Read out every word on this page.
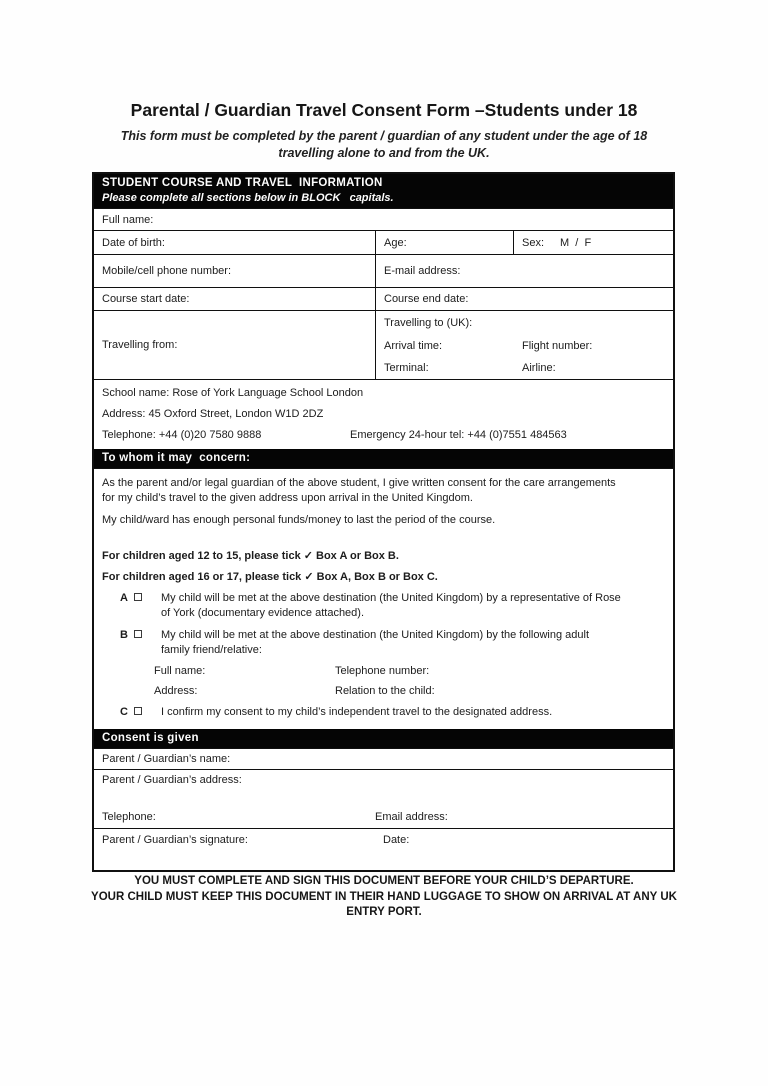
Parental / Guardian Travel Consent Form –Students under 18

This form must be completed by the parent / guardian of any student under the age of 18 travelling alone to and from the UK.

STUDENT COURSE AND TRAVEL  INFORMATION
Please complete all sections below in BLOCK   capitals.
Full name:
Date of birth:	Age:	Sex: M  /  F
Mobile/cell phone number:	E-mail address:
Course start date:	Course end date:
Travelling from:
Travelling to (UK):
Arrival time:	Flight number:
Terminal:	Airline:
School name: Rose of York Language School London
Address: 45 Oxford Street, London W1D 2DZ
Telephone: +44 (0)20 7580 9888	Emergency 24-hour tel: +44 (0)7551 484563
To whom it may  concern:

As the parent and/or legal guardian of the above student, I give written consent for the care arrangements
for my child’s travel to the given address upon arrival in the United Kingdom.

My child/ward has enough personal funds/money to last the period of the course.

For children aged 12 to 15, please tick ✓ Box A or Box B.

For children aged 16 or 17, please tick ✓ Box A, Box B or Box C.

A	My child will be met at the above destination (the United Kingdom) by a representative of Rose
of York (documentary evidence attached).
B	My child will be met at the above destination (the United Kingdom) by the following adult
family friend/relative:
Full name:	Telephone number:
Address:	Relation to the child:
C	I confirm my consent to my child’s independent travel to the designated address.
Consent is given
Parent / Guardian’s name:
Parent / Guardian’s address:
Telephone:	Email address:
Parent / Guardian’s signature:	Date:
YOU MUST COMPLETE AND SIGN THIS DOCUMENT BEFORE YOUR CHILD’S DEPARTURE.
YOUR CHILD MUST KEEP THIS DOCUMENT IN THEIR HAND LUGGAGE TO SHOW ON ARRIVAL AT ANY UK ENTRY PORT.
